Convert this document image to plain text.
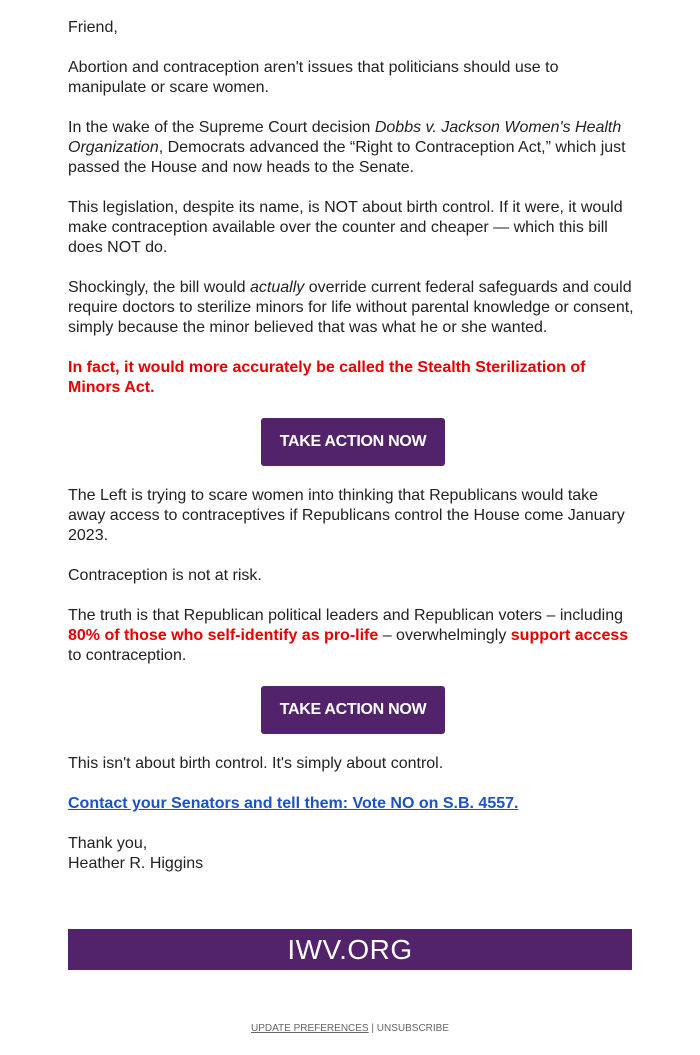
Friend,

Abortion and contraception aren't issues that politicians should use to manipulate or scare women.

In the wake of the Supreme Court decision Dobbs v. Jackson Women's Health Organization, Democrats advanced the “Right to Contraception Act,” which just passed the House and now heads to the Senate.

This legislation, despite its name, is NOT about birth control. If it were, it would make contraception available over the counter and cheaper — which this bill does NOT do.

Shockingly, the bill would actually override current federal safeguards and could require doctors to sterilize minors for life without parental knowledge or consent, simply because the minor believed that was what he or she wanted.

In fact, it would more accurately be called the Stealth Sterilization of Minors Act.

TAKE ACTION NOW

The Left is trying to scare women into thinking that Republicans would take away access to contraceptives if Republicans control the House come January 2023.

Contraception is not at risk.

The truth is that Republican political leaders and Republican voters – including 80% of those who self-identify as pro-life – overwhelmingly support access to contraception.

TAKE ACTION NOW

This isn't about birth control. It's simply about control.

Contact your Senators and tell them: Vote NO on S.B. 4557.

Thank you,
Heather R. Higgins

IWV.ORG
UPDATE PREFERENCES | UNSUBSCRIBE
